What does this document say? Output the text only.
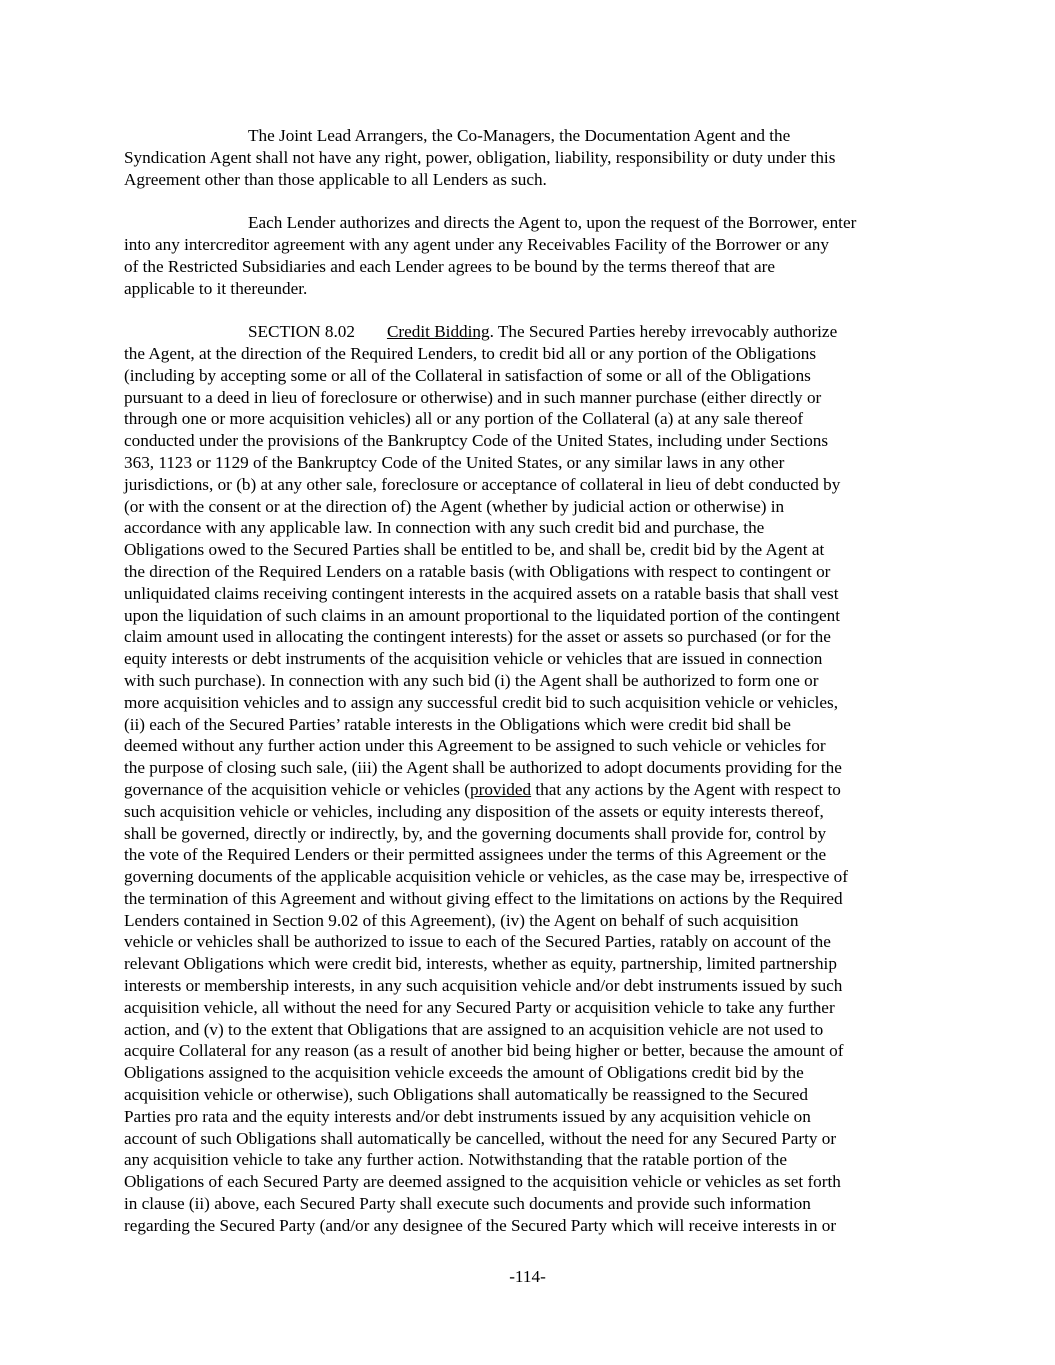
The Joint Lead Arrangers, the Co-Managers, the Documentation Agent and the
Syndication Agent shall not have any right, power, obligation, liability, responsibility or duty under this
Agreement other than those applicable to all Lenders as such.

Each Lender authorizes and directs the Agent to, upon the request of the Borrower, enter
into any intercreditor agreement with any agent under any Receivables Facility of the Borrower or any
of the Restricted Subsidiaries and each Lender agrees to be bound by the terms thereof that are
applicable to it thereunder.

SECTION 8.02 Credit Bidding. The Secured Parties hereby irrevocably authorize
the Agent, at the direction of the Required Lenders, to credit bid all or any portion of the Obligations
(including by accepting some or all of the Collateral in satisfaction of some or all of the Obligations
pursuant to a deed in lieu of foreclosure or otherwise) and in such manner purchase (either directly or
through one or more acquisition vehicles) all or any portion of the Collateral (a) at any sale thereof
conducted under the provisions of the Bankruptcy Code of the United States, including under Sections
363, 1123 or 1129 of the Bankruptcy Code of the United States, or any similar laws in any other
jurisdictions, or (b) at any other sale, foreclosure or acceptance of collateral in lieu of debt conducted by
(or with the consent or at the direction of) the Agent (whether by judicial action or otherwise) in
accordance with any applicable law. In connection with any such credit bid and purchase, the
Obligations owed to the Secured Parties shall be entitled to be, and shall be, credit bid by the Agent at
the direction of the Required Lenders on a ratable basis (with Obligations with respect to contingent or
unliquidated claims receiving contingent interests in the acquired assets on a ratable basis that shall vest
upon the liquidation of such claims in an amount proportional to the liquidated portion of the contingent
claim amount used in allocating the contingent interests) for the asset or assets so purchased (or for the
equity interests or debt instruments of the acquisition vehicle or vehicles that are issued in connection
with such purchase). In connection with any such bid (i) the Agent shall be authorized to form one or
more acquisition vehicles and to assign any successful credit bid to such acquisition vehicle or vehicles,
(ii) each of the Secured Parties’ ratable interests in the Obligations which were credit bid shall be
deemed without any further action under this Agreement to be assigned to such vehicle or vehicles for
the purpose of closing such sale, (iii) the Agent shall be authorized to adopt documents providing for the
governance of the acquisition vehicle or vehicles (provided that any actions by the Agent with respect to
such acquisition vehicle or vehicles, including any disposition of the assets or equity interests thereof,
shall be governed, directly or indirectly, by, and the governing documents shall provide for, control by
the vote of the Required Lenders or their permitted assignees under the terms of this Agreement or the
governing documents of the applicable acquisition vehicle or vehicles, as the case may be, irrespective of
the termination of this Agreement and without giving effect to the limitations on actions by the Required
Lenders contained in Section 9.02 of this Agreement), (iv) the Agent on behalf of such acquisition
vehicle or vehicles shall be authorized to issue to each of the Secured Parties, ratably on account of the
relevant Obligations which were credit bid, interests, whether as equity, partnership, limited partnership
interests or membership interests, in any such acquisition vehicle and/or debt instruments issued by such
acquisition vehicle, all without the need for any Secured Party or acquisition vehicle to take any further
action, and (v) to the extent that Obligations that are assigned to an acquisition vehicle are not used to
acquire Collateral for any reason (as a result of another bid being higher or better, because the amount of
Obligations assigned to the acquisition vehicle exceeds the amount of Obligations credit bid by the
acquisition vehicle or otherwise), such Obligations shall automatically be reassigned to the Secured
Parties pro rata and the equity interests and/or debt instruments issued by any acquisition vehicle on
account of such Obligations shall automatically be cancelled, without the need for any Secured Party or
any acquisition vehicle to take any further action. Notwithstanding that the ratable portion of the
Obligations of each Secured Party are deemed assigned to the acquisition vehicle or vehicles as set forth
in clause (ii) above, each Secured Party shall execute such documents and provide such information
regarding the Secured Party (and/or any designee of the Secured Party which will receive interests in or

-114-
